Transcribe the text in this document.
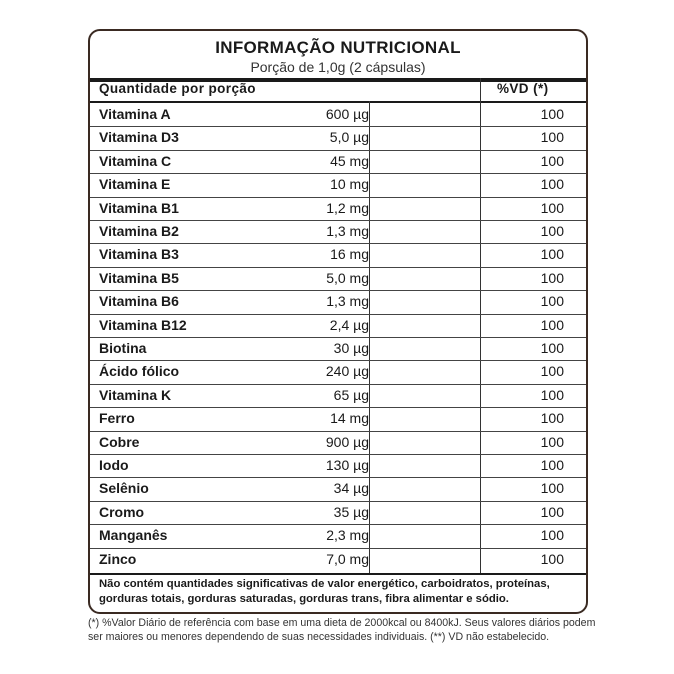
INFORMAÇÃO NUTRICIONAL
Porção de 1,0g (2 cápsulas)
Quantidade por porção	%VD (*)
Vitamina A	600 µg	100
Vitamina D3	5,0 µg	100
Vitamina C	45 mg	100
Vitamina E	10 mg	100
Vitamina B1	1,2 mg	100
Vitamina B2	1,3 mg	100
Vitamina B3	16 mg	100
Vitamina B5	5,0 mg	100
Vitamina B6	1,3 mg	100
Vitamina B12	2,4 µg	100
Biotina	30 µg	100
Ácido fólico	240 µg	100
Vitamina K	65 µg	100
Ferro	14 mg	100
Cobre	900 µg	100
Iodo	130 µg	100
Selênio	34 µg	100
Cromo	35 µg	100
Manganês	2,3 mg	100
Zinco	7,0 mg	100
Não contém quantidades significativas de valor energético, carboidratos, proteínas, gorduras totais, gorduras saturadas, gorduras trans, fibra alimentar e sódio.
(*) %Valor Diário de referência com base em uma dieta de 2000kcal ou 8400kJ. Seus valores diários podem ser maiores ou menores dependendo de suas necessidades individuais. (**) VD não estabelecido.
